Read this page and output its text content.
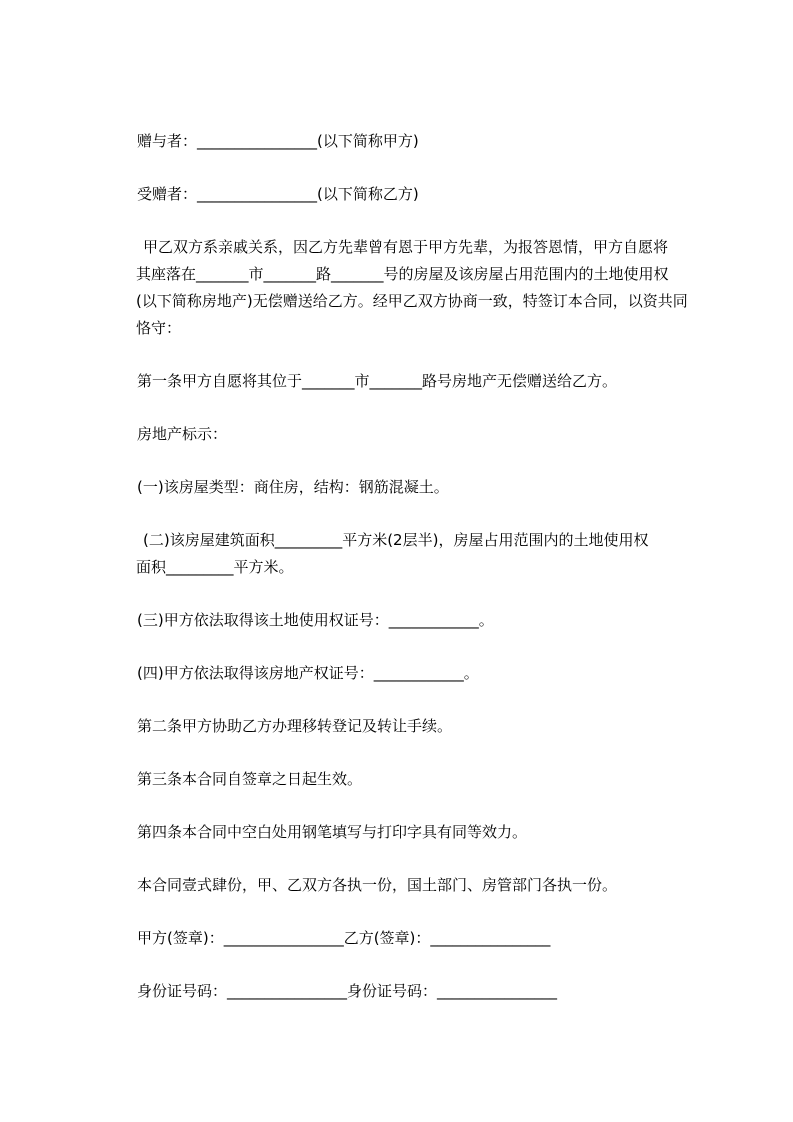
赠与者：________________(以下简称甲方)

受赠者：________________(以下简称乙方)

甲乙双方系亲戚关系，因乙方先辈曾有恩于甲方先辈，为报答恩情，甲方自愿将

其座落在_______市_______路_______号的房屋及该房屋占用范围内的土地使用权

(以下简称房地产)无偿赠送给乙方。经甲乙双方协商一致，特签订本合同，以资共同

恪守：

第一条甲方自愿将其位于_______市_______路号房地产无偿赠送给乙方。

房地产标示：

(一)该房屋类型：商住房，结构：钢筋混凝土。

(二)该房屋建筑面积_________平方米(2层半)，房屋占用范围内的土地使用权

面积_________平方米。

(三)甲方依法取得该土地使用权证号：____________。

(四)甲方依法取得该房地产权证号：____________。

第二条甲方协助乙方办理移转登记及转让手续。

第三条本合同自签章之日起生效。

第四条本合同中空白处用钢笔填写与打印字具有同等效力。

本合同壹式肆份，甲、乙双方各执一份，国土部门、房管部门各执一份。

甲方(签章)：________________乙方(签章)：________________

身份证号码：________________身份证号码：________________
